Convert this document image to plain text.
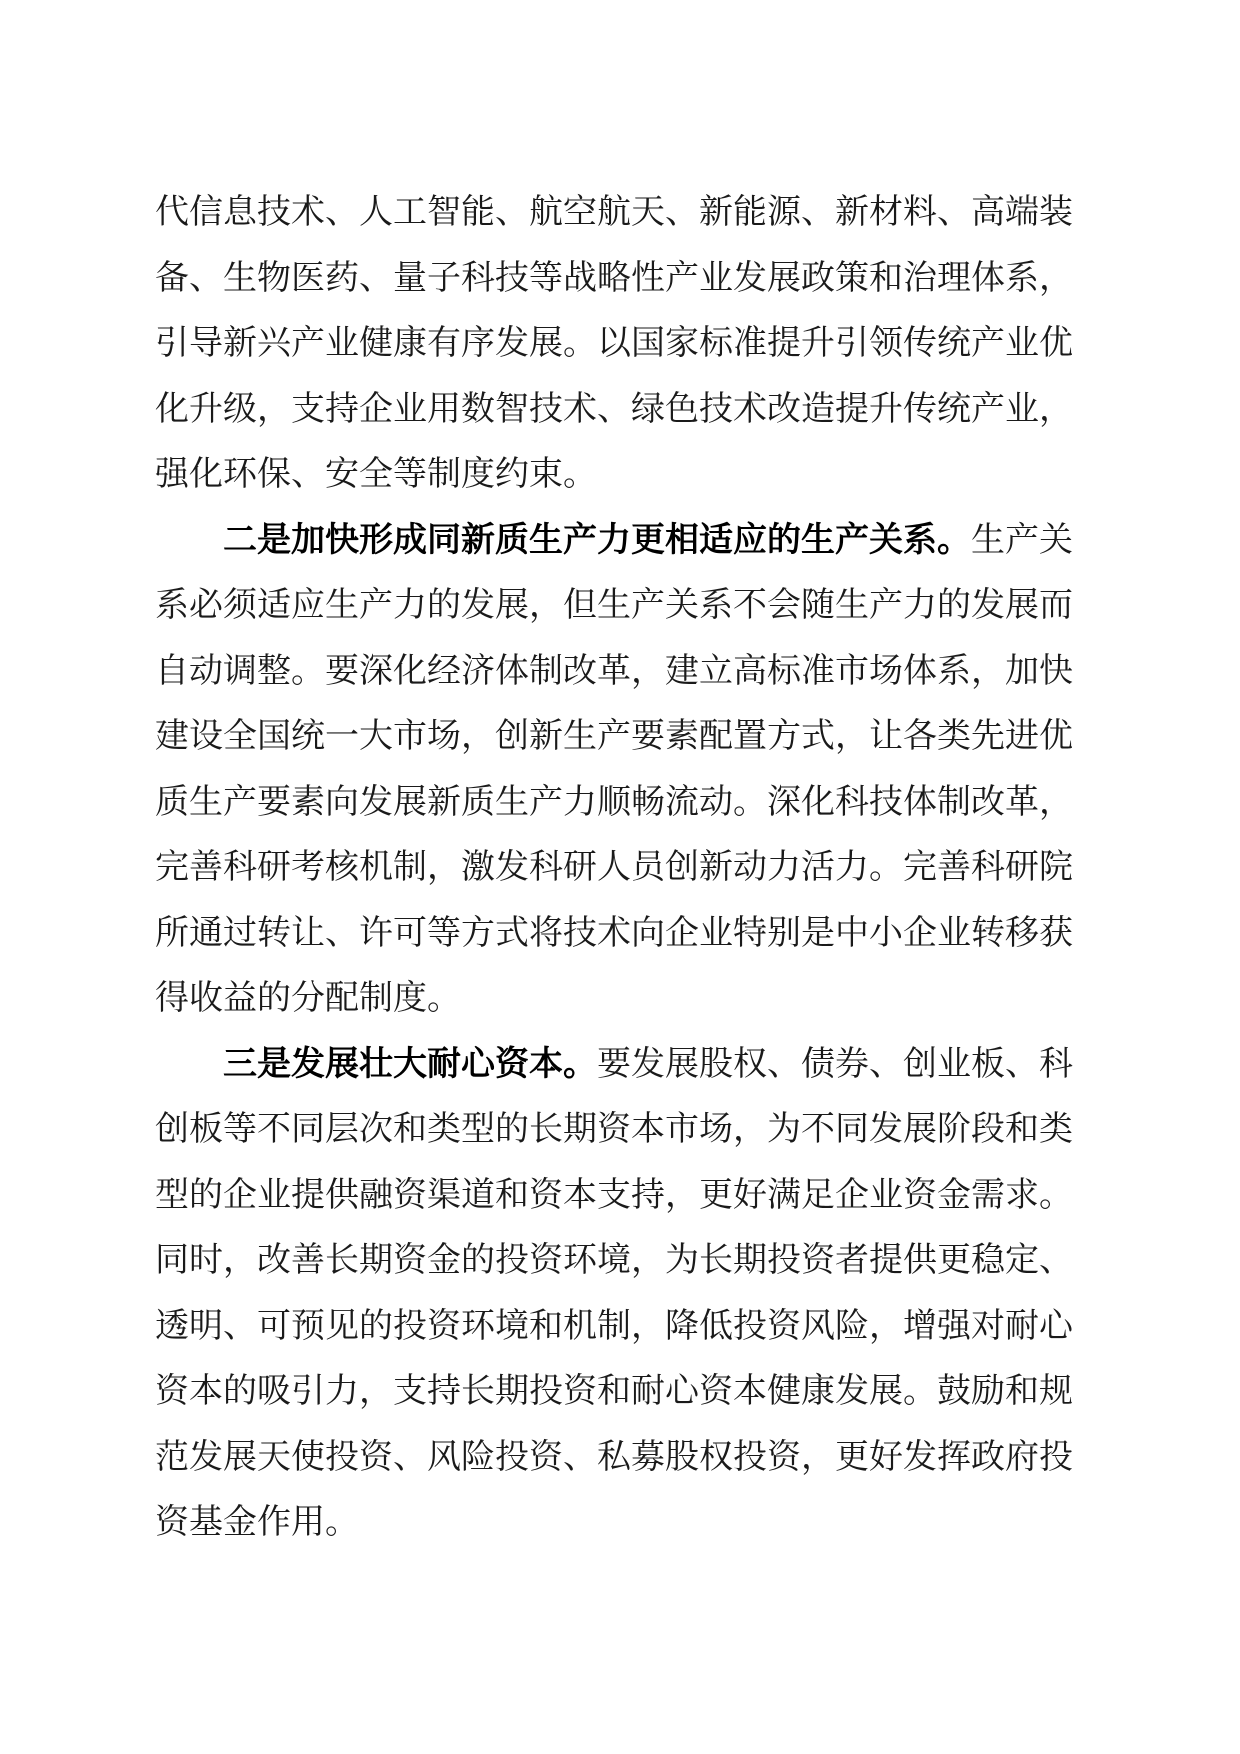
代信息技术、人工智能、航空航天、新能源、新材料、高端装
备、生物医药、量子科技等战略性产业发展政策和治理体系，
引导新兴产业健康有序发展。以国家标准提升引领传统产业优
化升级，支持企业用数智技术、绿色技术改造提升传统产业，
强化环保、安全等制度约束。
二是加快形成同新质生产力更相适应的生产关系。生产关
系必须适应生产力的发展，但生产关系不会随生产力的发展而
自动调整。要深化经济体制改革，建立高标准市场体系，加快
建设全国统一大市场，创新生产要素配置方式，让各类先进优
质生产要素向发展新质生产力顺畅流动。深化科技体制改革，
完善科研考核机制，激发科研人员创新动力活力。完善科研院
所通过转让、许可等方式将技术向企业特别是中小企业转移获
得收益的分配制度。
三是发展壮大耐心资本。要发展股权、债券、创业板、科
创板等不同层次和类型的长期资本市场，为不同发展阶段和类
型的企业提供融资渠道和资本支持，更好满足企业资金需求。
同时，改善长期资金的投资环境，为长期投资者提供更稳定、
透明、可预见的投资环境和机制，降低投资风险，增强对耐心
资本的吸引力，支持长期投资和耐心资本健康发展。鼓励和规
范发展天使投资、风险投资、私募股权投资，更好发挥政府投
资基金作用。
